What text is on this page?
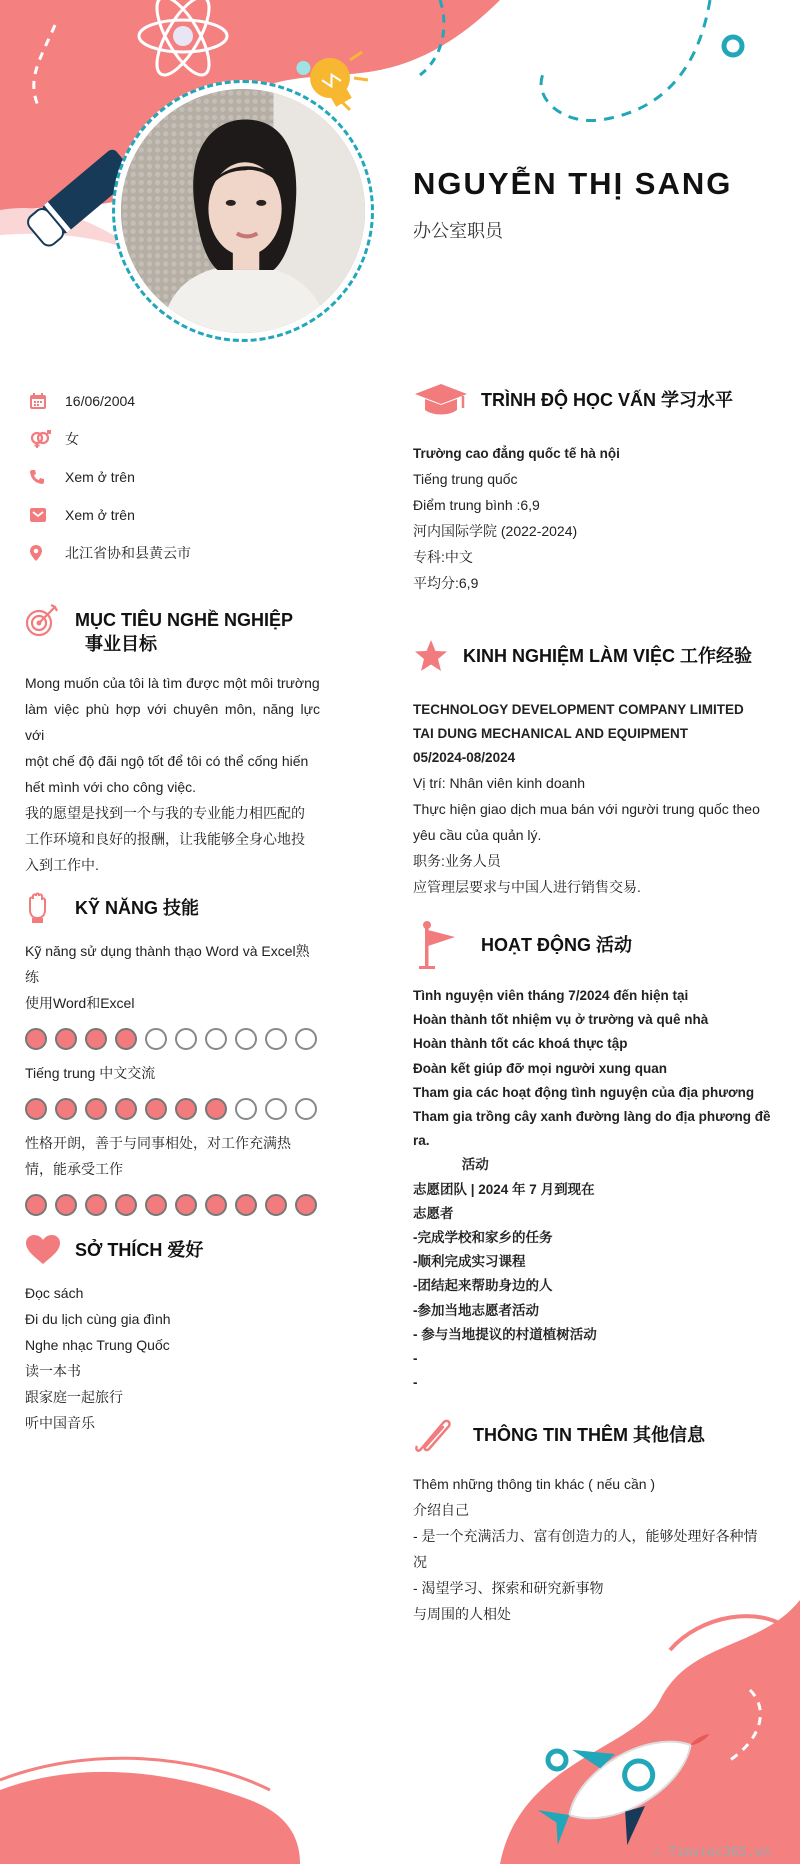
NGUYỄN THỊ SANG
办公室职员
16/06/2004
女
Xem ở trên
Xem ở trên
北江省协和县黄云市
MỤC TIÊU NGHỀ NGHIỆP
事业目标
Mong muốn của tôi là tìm được một môi trường
làm việc phù hợp với chuyên môn, năng lực với
một chế độ đãi ngộ tốt để tôi có thể cống hiến
hết mình với cho công việc.
我的愿望是找到一个与我的专业能力相匹配的
工作环境和良好的报酬，让我能够全身心地投
入到工作中.
KỸ NĂNG 技能
Kỹ năng sử dụng thành thạo Word và Excel熟练
使用Word和Excel
Tiếng trung 中文交流
性格开朗，善于与同事相处，对工作充满热
情，能承受工作
SỞ THÍCH 爱好
Đọc sách
Đi du lịch cùng gia đình
Nghe nhạc Trung Quốc
读一本书
跟家庭一起旅行
听中国音乐
TRÌNH ĐỘ HỌC VẤN 学习水平
Trường cao đẳng quốc tế hà nội
Tiếng trung quốc
Điểm trung bình :6,9
河内国际学院 (2022-2024)
专科:中文
平均分:6,9
KINH NGHIỆM LÀM VIỆC 工作经验
TECHNOLOGY DEVELOPMENT COMPANY LIMITED
TAI DUNG MECHANICAL AND EQUIPMENT
05/2024-08/2024
Vị trí: Nhân viên kinh doanh
Thực hiện giao dịch mua bán với người trung quốc theo
yêu cầu của quản lý.
职务:业务人员
应管理层要求与中国人进行销售交易.
HOẠT ĐỘNG 活动
Tình nguyện viên tháng 7/2024 đến hiện tại
Hoàn thành tốt nhiệm vụ ở trường và quê nhà
Hoàn thành tốt các khoá thực tập
Đoàn kết giúp đỡ mọi người xung quan
Tham gia các hoạt động tình nguyện của địa phương
Tham gia trồng cây xanh đường làng do địa phương đề
ra.
活动
志愿团队 | 2024 年 7 月到现在
志愿者
-完成学校和家乡的任务
-顺利完成实习课程
-团结起来帮助身边的人
-参加当地志愿者活动
- 参与当地提议的村道植树活动
-
-
THÔNG TIN THÊM 其他信息
Thêm những thông tin khác ( nếu cần )
介绍自己
- 是一个充满活力、富有创造力的人，能够处理好各种情
况
- 渴望学习、探索和研究新事物
与周围的人相处
∴ Timviec365.vn
